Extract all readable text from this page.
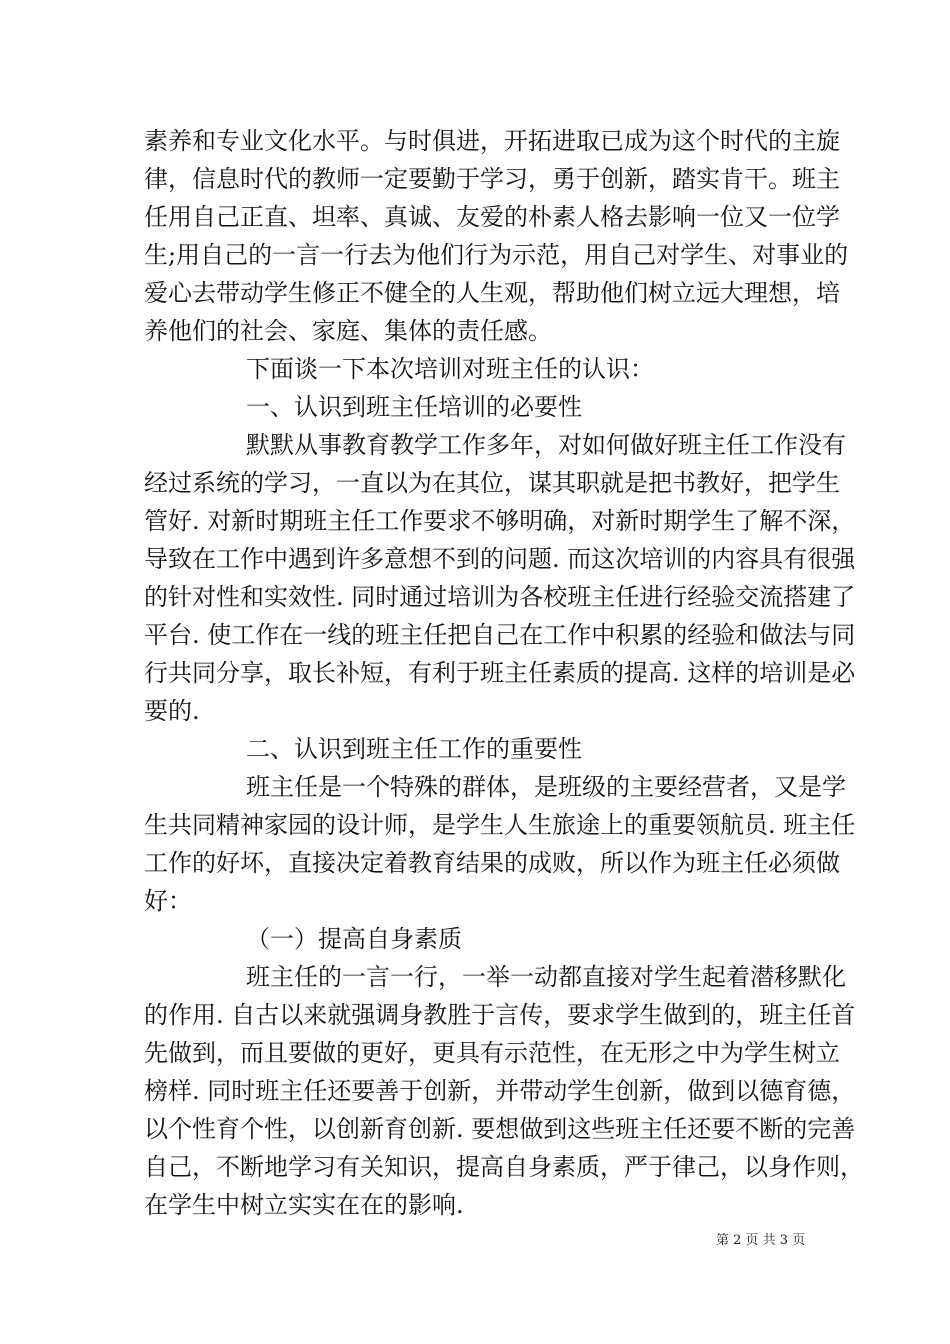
素养和专业文化水平。与时俱进，开拓进取已成为这个时代的主旋
律，信息时代的教师一定要勤于学习，勇于创新，踏实肯干。班主
任用自己正直、坦率、真诚、友爱的朴素人格去影响一位又一位学
生;用自己的一言一行去为他们行为示范，用自己对学生、对事业的
爱心去带动学生修正不健全的人生观，帮助他们树立远大理想，培
养他们的社会、家庭、集体的责任感。
下面谈一下本次培训对班主任的认识：
一、认识到班主任培训的必要性
默默从事教育教学工作多年，对如何做好班主任工作没有
经过系统的学习，一直以为在其位，谋其职就是把书教好，把学生
管好. 对新时期班主任工作要求不够明确，对新时期学生了解不深，
导致在工作中遇到许多意想不到的问题. 而这次培训的内容具有很强
的针对性和实效性. 同时通过培训为各校班主任进行经验交流搭建了
平台. 使工作在一线的班主任把自己在工作中积累的经验和做法与同
行共同分享，取长补短，有利于班主任素质的提高. 这样的培训是必
要的.
二、认识到班主任工作的重要性
班主任是一个特殊的群体，是班级的主要经营者，又是学
生共同精神家园的设计师，是学生人生旅途上的重要领航员. 班主任
工作的好坏，直接决定着教育结果的成败，所以作为班主任必须做
好：
（一）提高自身素质
班主任的一言一行，一举一动都直接对学生起着潜移默化
的作用. 自古以来就强调身教胜于言传，要求学生做到的，班主任首
先做到，而且要做的更好，更具有示范性，在无形之中为学生树立
榜样. 同时班主任还要善于创新，并带动学生创新，做到以德育德，
以个性育个性，以创新育创新. 要想做到这些班主任还要不断的完善
自己，不断地学习有关知识，提高自身素质，严于律己，以身作则，
在学生中树立实实在在的影响.
第 2 页 共 3 页
